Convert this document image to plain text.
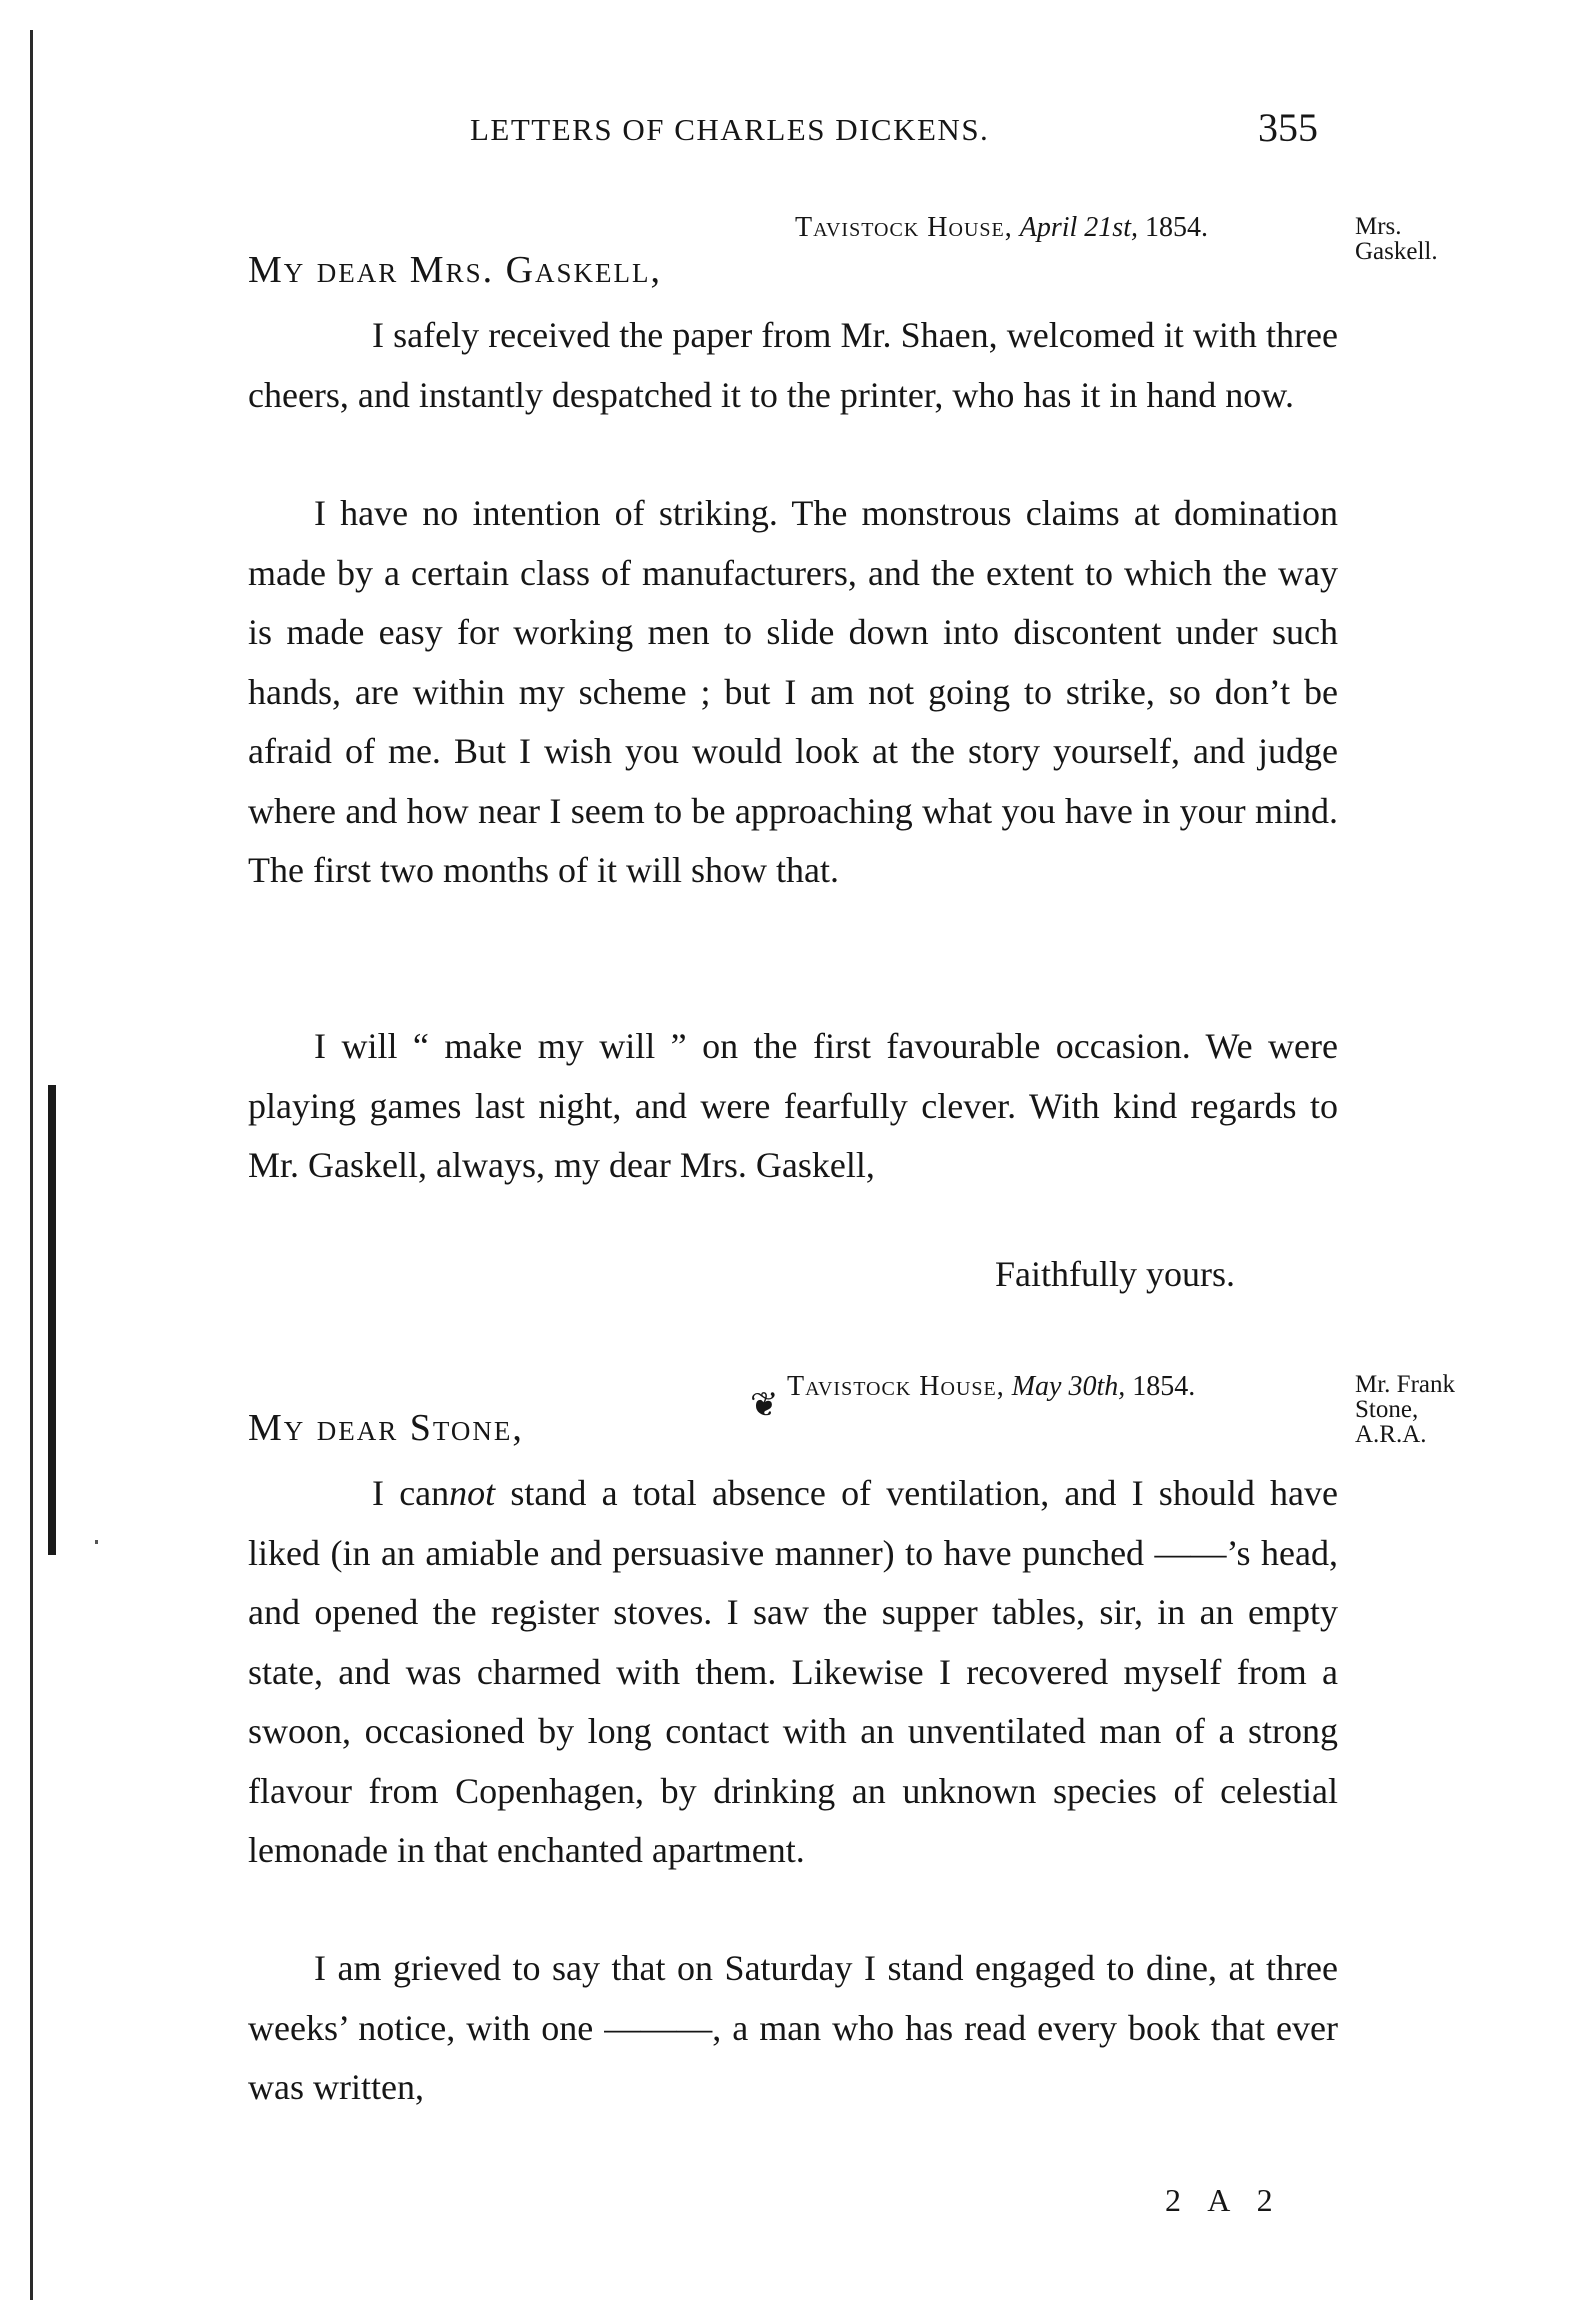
LETTERS OF CHARLES DICKENS.	355
Tavistock House, April 21st, 1854.	Mrs.
Gaskell.
My dear Mrs. Gaskell,

I safely received the paper from Mr. Shaen, welcomed it with three cheers, and instantly despatched it to the printer, who has it in hand now.

I have no intention of striking. The monstrous claims at domination made by a certain class of manufacturers, and the extent to which the way is made easy for working men to slide down into discontent under such hands, are within my scheme ; but I am not going to strike, so don’t be afraid of me. But I wish you would look at the story yourself, and judge where and how near I seem to be approaching what you have in your mind. The first two months of it will show that.

I will “ make my will ” on the first favourable occasion. We were playing games last night, and were fearfully clever. With kind regards to Mr. Gaskell, always, my dear Mrs. Gaskell,

Faithfully yours.
❦
Tavistock House, May 30th, 1854.	Mr. Frank
Stone,
A.R.A.
My dear Stone,

I cannot stand a total absence of ventilation, and I should have liked (in an amiable and persuasive manner) to have punched ——’s head, and opened the register stoves. I saw the supper tables, sir, in an empty state, and was charmed with them. Likewise I recovered myself from a swoon, occasioned by long contact with an unventilated man of a strong flavour from Copenhagen, by drinking an unknown species of celestial lemonade in that enchanted apartment.

I am grieved to say that on Saturday I stand engaged to dine, at three weeks’ notice, with one ———, a man who has read every book that ever was written,

2 A 2
